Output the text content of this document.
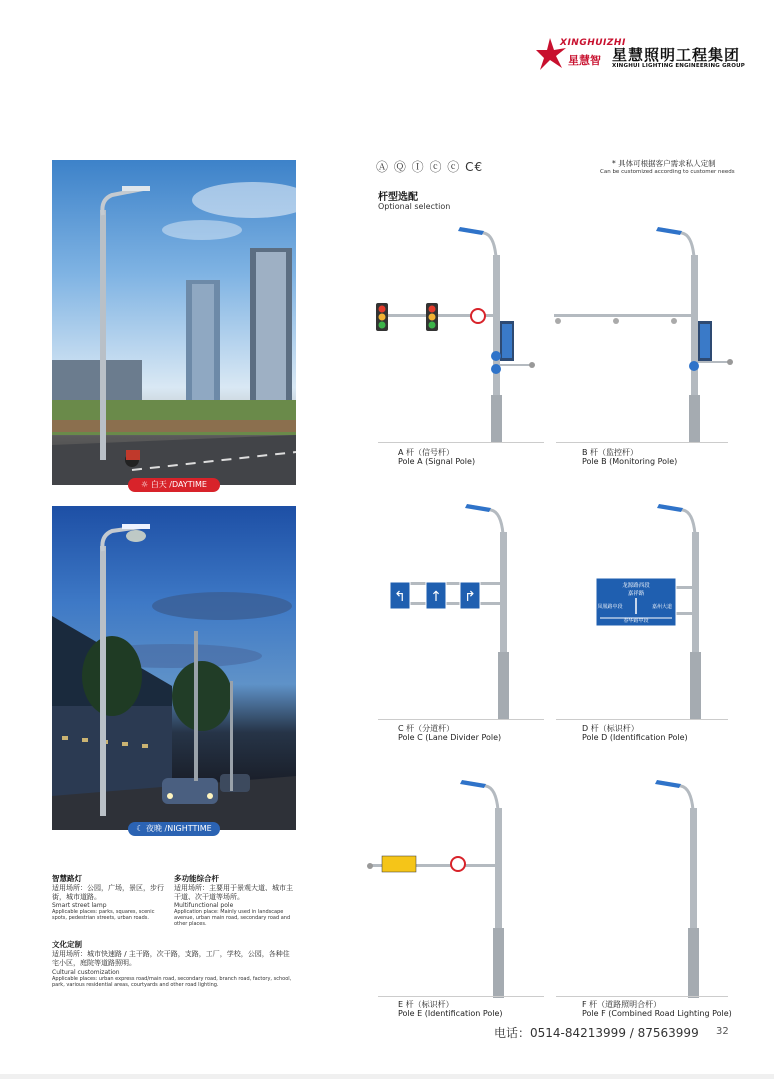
XINGHUIZHI
星慧智 星慧照明工程集团
XINGHUI LIGHTING ENGINEERING GROUP
☼ 白天 /DAYTIME
☾ 夜晚 /NIGHTTIME
Ⓐ Ⓠ Ⓘ ⓒ ⓒ C€	* 具体可根据客户需求私人定制
Can be customized according to customer needs
杆型选配
Optional selection
A 杆（信号杆）
Pole A (Signal Pole)
B 杆（监控杆）
Pole B (Monitoring Pole)
↰ ↑ ↱
C 杆（分道杆）
Pole C (Lane Divider Pole)
龙源路西段
嘉祥路
凤凰路中段	嘉州大道
春华路中段
D 杆（标识杆）
Pole D (Identification Pole)
E 杆（标识杆）
Pole E (Identification Pole)
F 杆（道路照明合杆）
Pole F (Combined Road Lighting Pole)
智慧路灯
适用场所：公园，广场，景区，步行街，城市道路。
Smart street lamp
Applicable places: parks, squares, scenic spots, pedestrian streets, urban roads.
多功能综合杆
适用场所：主要用于景观大道、城市主干道、次干道等场所。
Multifunctional pole
Application place: Mainly used in landscape avenue, urban main road, secondary road and other places.
文化定制
适用场所：城市快速路 / 主干路，次干路，支路，工厂，学校，公园，各种住宅小区，庭院等道路照明。
Cultural customization
Applicable places: urban express road/main road, secondary road, branch road, factory, school, park, various residential areas, courtyards and other road lighting.
电话：0514-84213999 / 87563999 32
